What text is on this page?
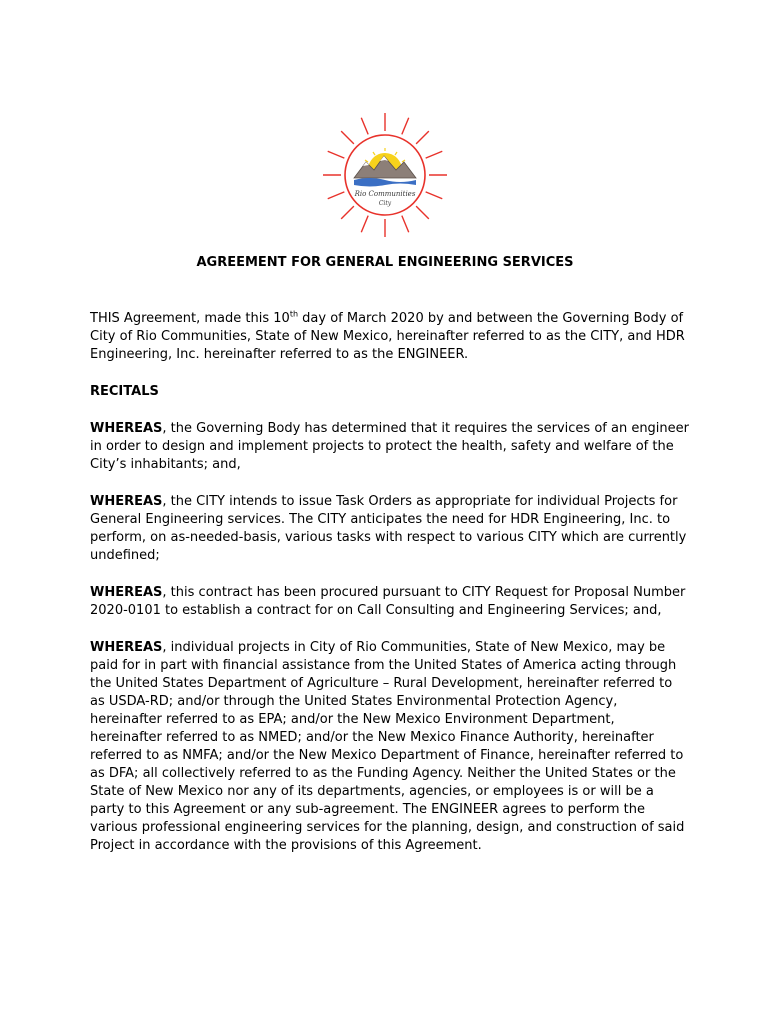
Rio Communities
City
AGREEMENT FOR GENERAL ENGINEERING SERVICES

THIS Agreement, made this 10th day of March 2020 by and between the Governing Body of City of Rio Communities, State of New Mexico, hereinafter referred to as the CITY, and HDR Engineering, Inc. hereinafter referred to as the ENGINEER.

RECITALS

WHEREAS, the Governing Body has determined that it requires the services of an engineer in order to design and implement projects to protect the health, safety and welfare of the City’s inhabitants; and,

WHEREAS, the CITY intends to issue Task Orders as appropriate for individual Projects for General Engineering services. The CITY anticipates the need for HDR Engineering, Inc. to perform, on as-needed-basis, various tasks with respect to various CITY which are currently undefined;

WHEREAS, this contract has been procured pursuant to CITY Request for Proposal Number 2020-0101 to establish a contract for on Call Consulting and Engineering Services; and,

WHEREAS, individual projects in City of Rio Communities, State of New Mexico, may be paid for in part with financial assistance from the United States of America acting through the United States Department of Agriculture – Rural Development, hereinafter referred to as USDA-RD; and/or through the United States Environmental Protection Agency, hereinafter referred to as EPA; and/or the New Mexico Environment Department, hereinafter referred to as NMED; and/or the New Mexico Finance Authority, hereinafter referred to as NMFA; and/or the New Mexico Department of Finance, hereinafter referred to as DFA; all collectively referred to as the Funding Agency. Neither the United States or the State of New Mexico nor any of its departments, agencies, or employees is or will be a party to this Agreement or any sub-agreement. The ENGINEER agrees to perform the various professional engineering services for the planning, design, and construction of said Project in accordance with the provisions of this Agreement.
